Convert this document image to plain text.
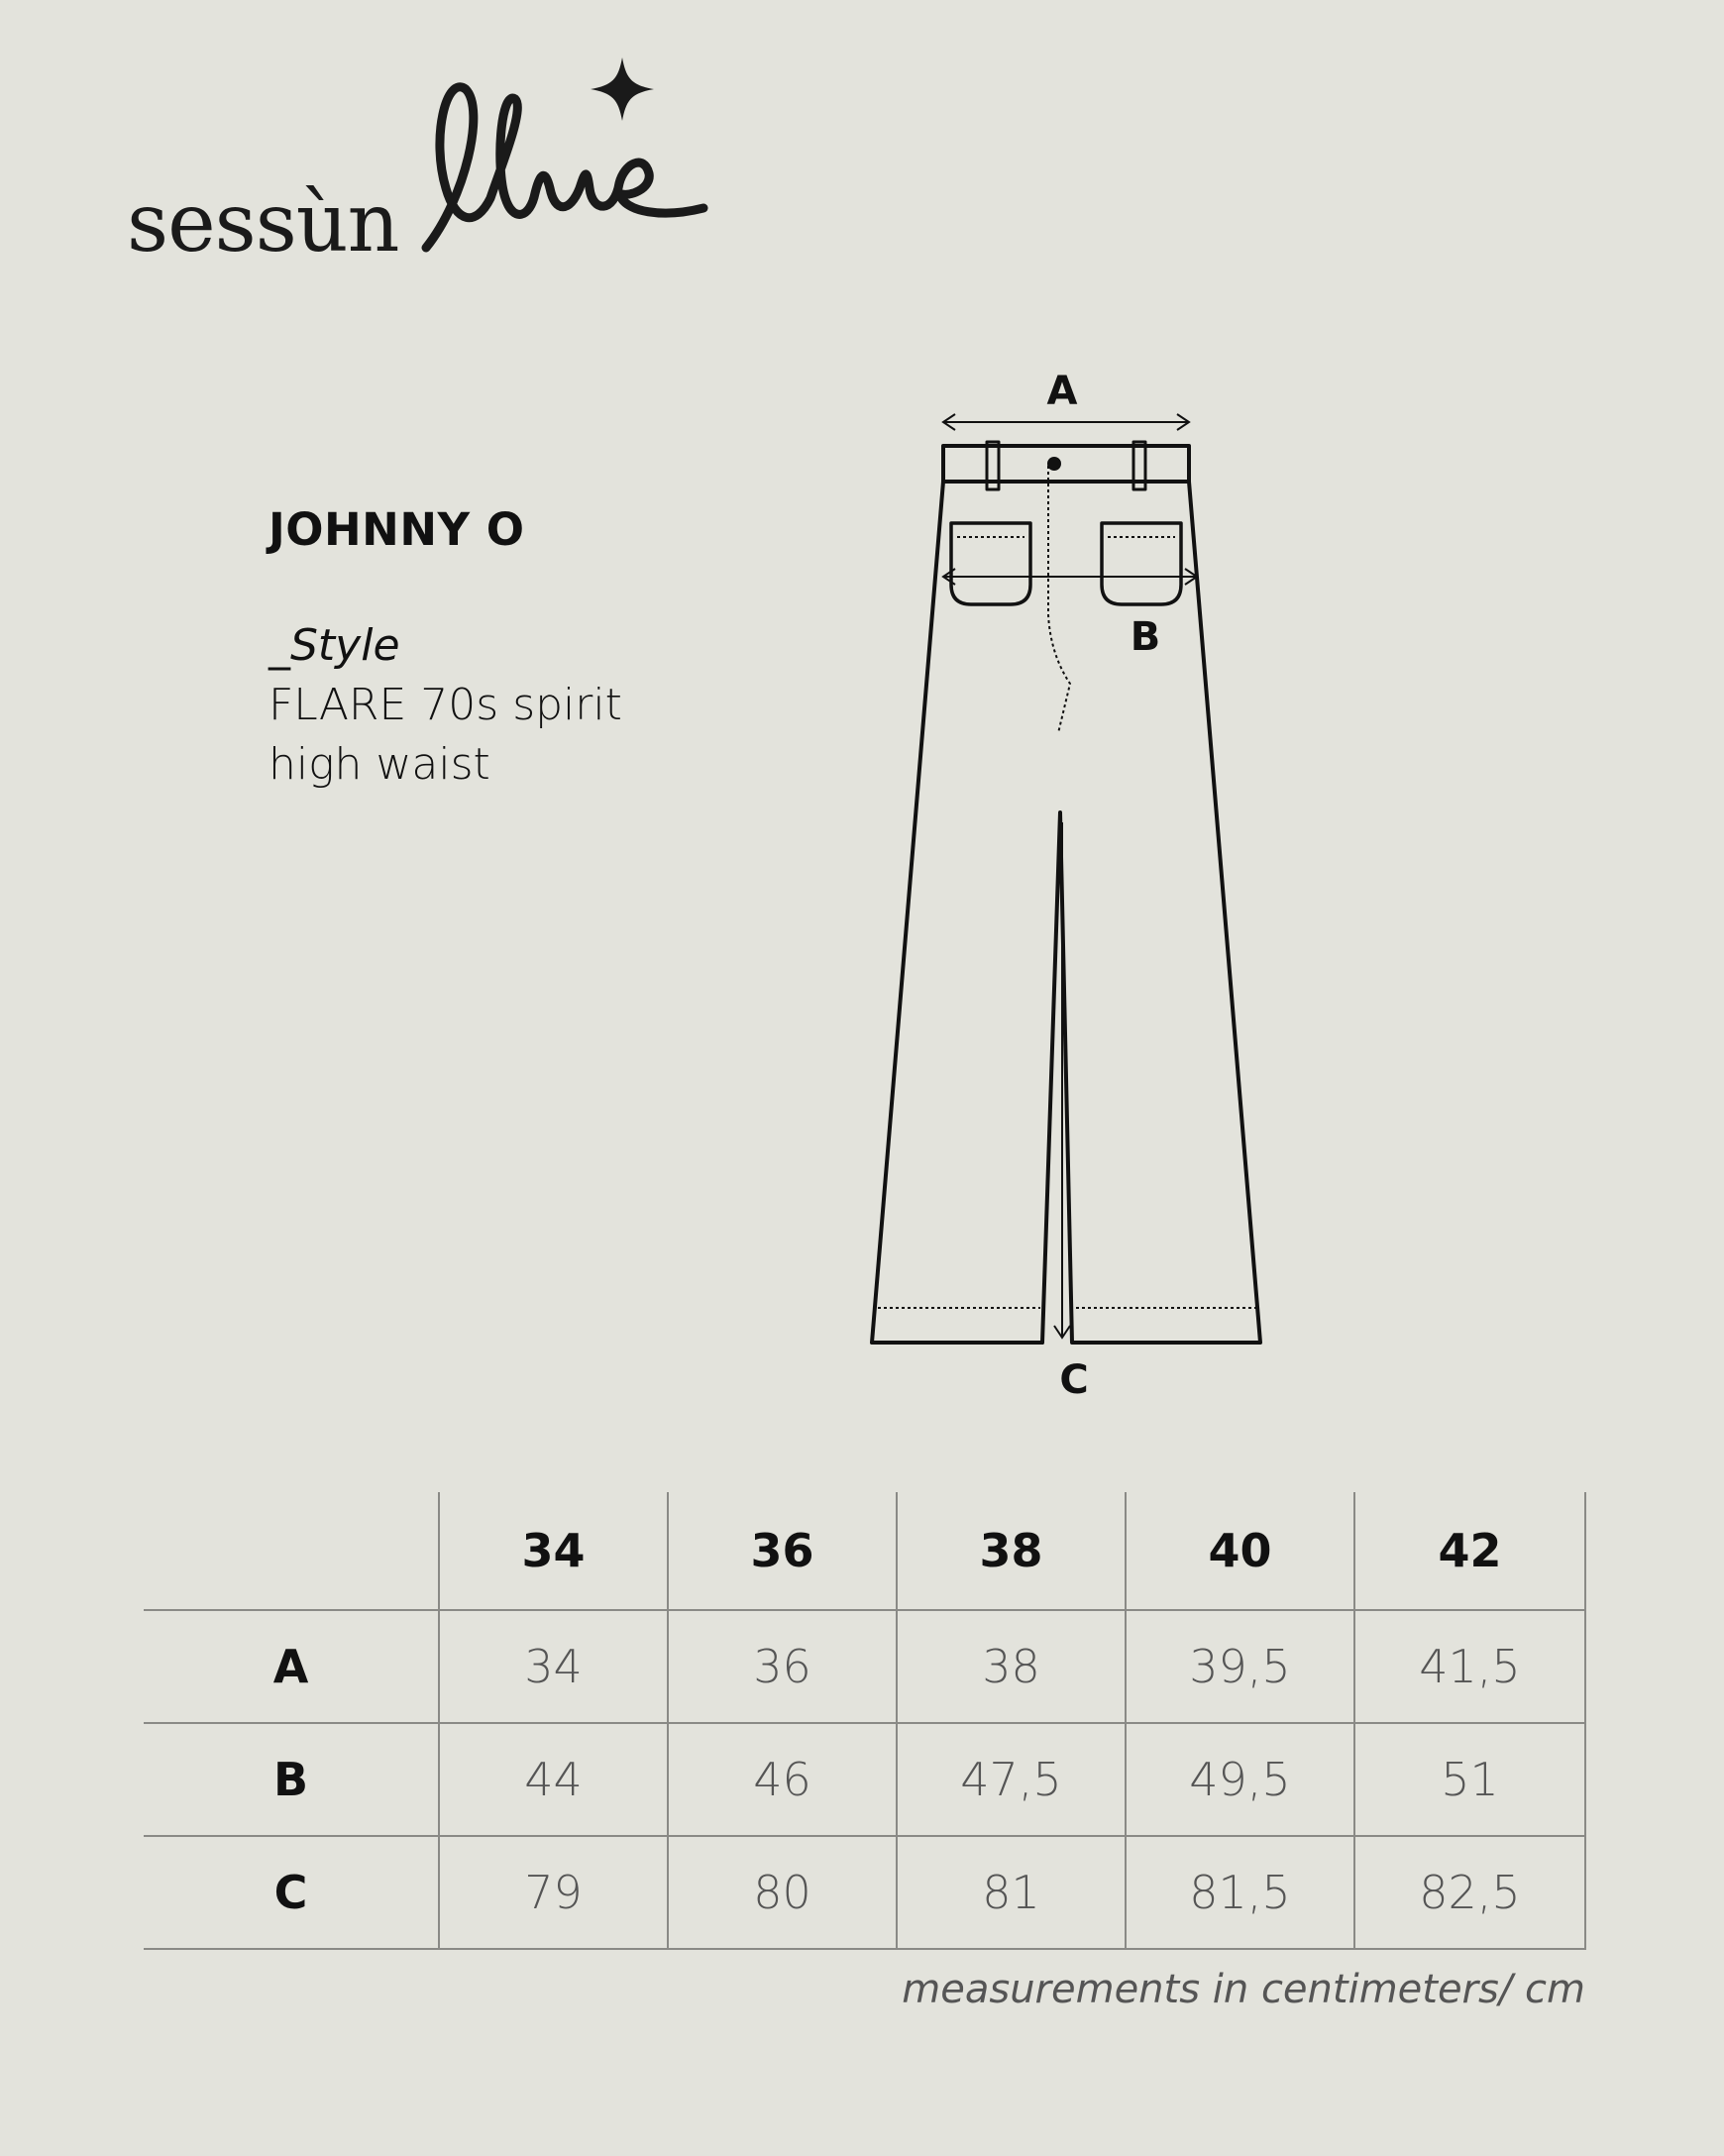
sessùn
JOHNNY O
_Style
FLARE 70s spirit
high waist
A
B
C
	34	36	38	40	42
A	34	36	38	39,5	41,5
B	44	46	47,5	49,5	51
C	79	80	81	81,5	82,5
measurements in centimeters/ cm
